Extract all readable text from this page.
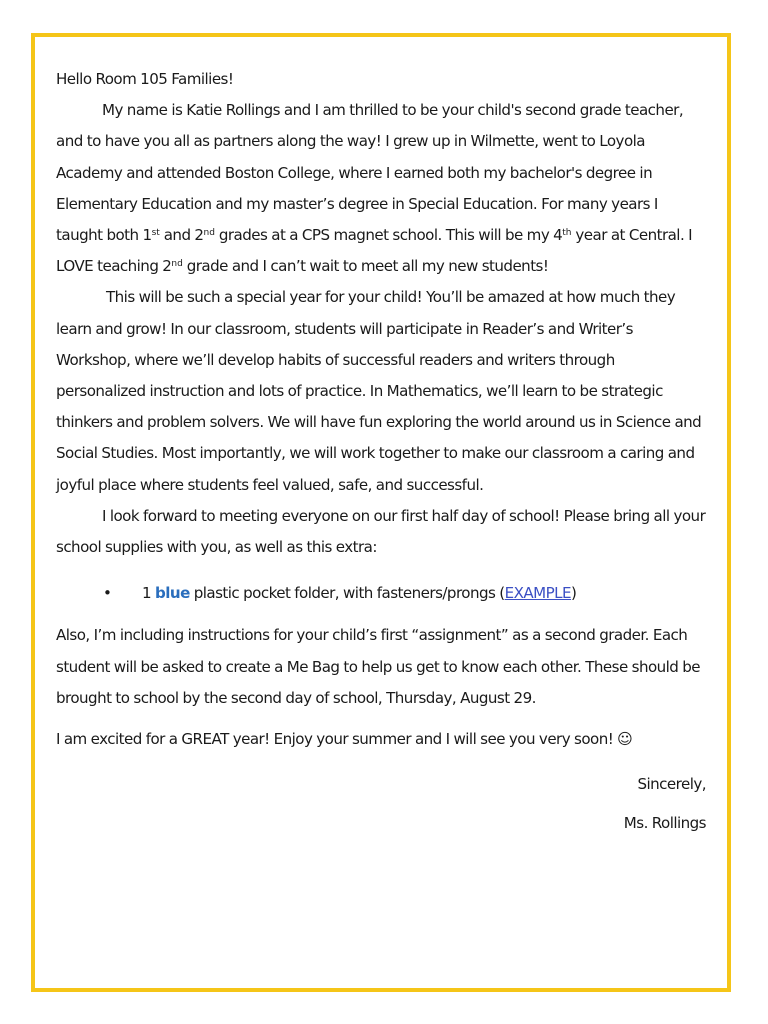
Hello Room 105 Families!

My name is Katie Rollings and I am thrilled to be your child's second grade teacher, and to have you all as partners along the way! I grew up in Wilmette, went to Loyola Academy and attended Boston College, where I earned both my bachelor's degree in Elementary Education and my master’s degree in Special Education. For many years I taught both 1st and 2nd grades at a CPS magnet school. This will be my 4th year at Central. I LOVE teaching 2nd grade and I can’t wait to meet all my new students!

This will be such a special year for your child! You’ll be amazed at how much they learn and grow! In our classroom, students will participate in Reader’s and Writer’s Workshop, where we’ll develop habits of successful readers and writers through personalized instruction and lots of practice. In Mathematics, we’ll learn to be strategic thinkers and problem solvers. We will have fun exploring the world around us in Science and Social Studies. Most importantly, we will work together to make our classroom a caring and joyful place where students feel valued, safe, and successful.

I look forward to meeting everyone on our first half day of school! Please bring all your school supplies with you, as well as this extra:

• 1 blue plastic pocket folder, with fasteners/prongs (EXAMPLE)

Also, I’m including instructions for your child’s first “assignment” as a second grader. Each student will be asked to create a Me Bag to help us get to know each other. These should be brought to school by the second day of school, Thursday, August 29.

I am excited for a GREAT year! Enjoy your summer and I will see you very soon! ☺

Sincerely,

Ms. Rollings
